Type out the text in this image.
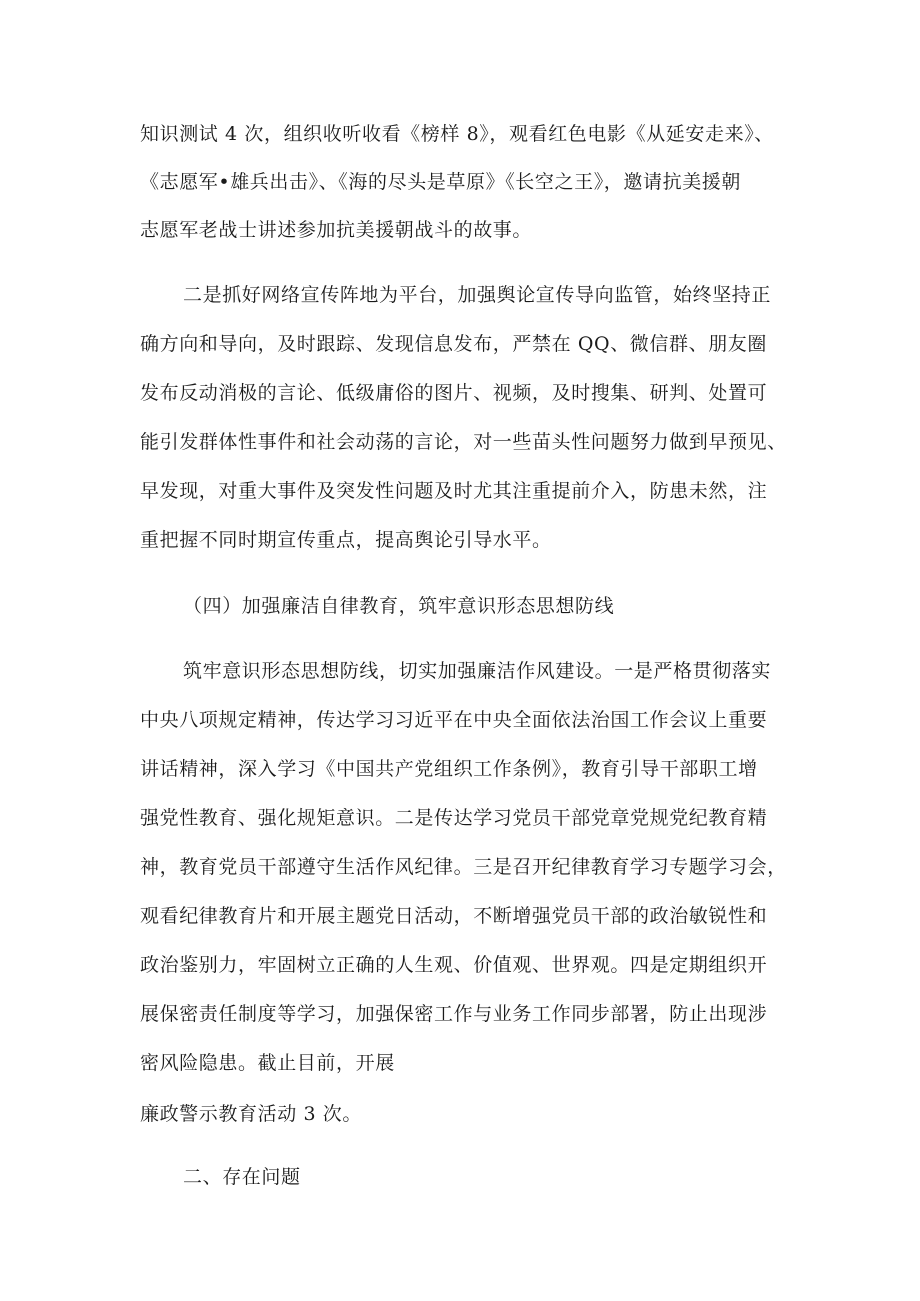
知识测试 4 次，组织收听收看《榜样 8》，观看红色电影《从延安走来》、
《志愿军•雄兵出击》、《海的尽头是草原》《长空之王》，邀请抗美援朝
志愿军老战士讲述参加抗美援朝战斗的故事。
二是抓好网络宣传阵地为平台，加强舆论宣传导向监管，始终坚持正
确方向和导向，及时跟踪、发现信息发布，严禁在 QQ、微信群、朋友圈
发布反动消极的言论、低级庸俗的图片、视频，及时搜集、研判、处置可
能引发群体性事件和社会动荡的言论，对一些苗头性问题努力做到早预见、
早发现，对重大事件及突发性问题及时尤其注重提前介入，防患未然，注
重把握不同时期宣传重点，提高舆论引导水平。
（四）加强廉洁自律教育，筑牢意识形态思想防线
筑牢意识形态思想防线，切实加强廉洁作风建设。一是严格贯彻落实
中央八项规定精神，传达学习习近平在中央全面依法治国工作会议上重要
讲话精神，深入学习《中国共产党组织工作条例》，教育引导干部职工增
强党性教育、强化规矩意识。二是传达学习党员干部党章党规党纪教育精
神，教育党员干部遵守生活作风纪律。三是召开纪律教育学习专题学习会，
观看纪律教育片和开展主题党日活动，不断增强党员干部的政治敏锐性和
政治鉴别力，牢固树立正确的人生观、价值观、世界观。四是定期组织开
展保密责任制度等学习，加强保密工作与业务工作同步部署，防止出现涉
密风险隐患。截止目前，开展
廉政警示教育活动 3 次。
二、存在问题
